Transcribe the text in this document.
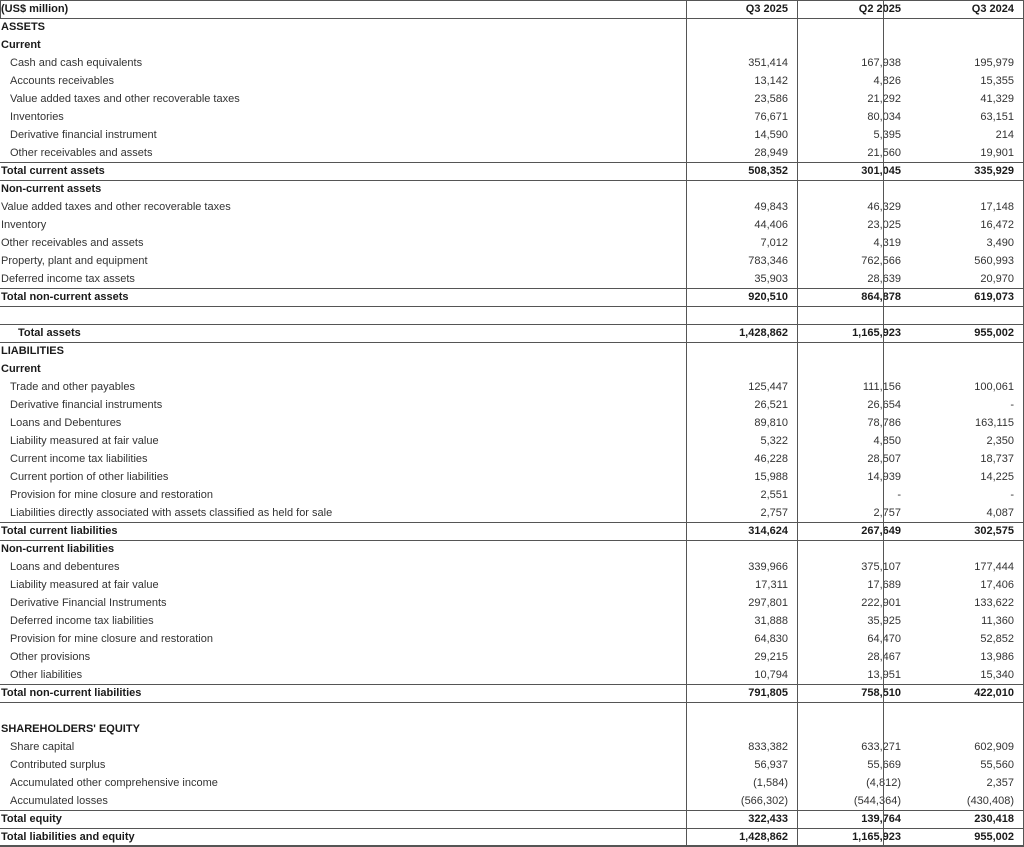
(US$ million)	Q3 2025	Q2 2025	Q3 2024
ASSETS
Current
Cash and cash equivalents	351,414	167,938	195,979
Accounts receivables	13,142	4,826	15,355
Value added taxes and other recoverable taxes	23,586	21,292	41,329
Inventories	76,671	80,034	63,151
Derivative financial instrument	14,590	5,395	214
Other receivables and assets	28,949	21,560	19,901
Total current assets	508,352	301,045	335,929
Non-current assets
Value added taxes and other recoverable taxes	49,843	46,329	17,148
Inventory	44,406	23,025	16,472
Other receivables and assets	7,012	4,319	3,490
Property, plant and equipment	783,346	762,566	560,993
Deferred income tax assets	35,903	28,639	20,970
Total non-current assets	920,510	864,878	619,073
Total assets	1,428,862	1,165,923	955,002
LIABILITIES
Current
Trade and other payables	125,447	111,156	100,061
Derivative financial instruments	26,521	26,654	-
Loans and Debentures	89,810	78,786	163,115
Liability measured at fair value	5,322	4,850	2,350
Current income tax liabilities	46,228	28,507	18,737
Current portion of other liabilities	15,988	14,939	14,225
Provision for mine closure and restoration	2,551	-	-
Liabilities directly associated with assets classified as held for sale	2,757	2,757	4,087
Total current liabilities	314,624	267,649	302,575
Non-current liabilities
Loans and debentures	339,966	375,107	177,444
Liability measured at fair value	17,311	17,689	17,406
Derivative Financial Instruments	297,801	222,901	133,622
Deferred income tax liabilities	31,888	35,925	11,360
Provision for mine closure and restoration	64,830	64,470	52,852
Other provisions	29,215	28,467	13,986
Other liabilities	10,794	13,951	15,340
Total non-current liabilities	791,805	758,510	422,010
SHAREHOLDERS' EQUITY
Share capital	833,382	633,271	602,909
Contributed surplus	56,937	55,669	55,560
Accumulated other comprehensive income	(1,584)	(4,812)	2,357
Accumulated losses	(566,302)	(544,364)	(430,408)
Total equity	322,433	139,764	230,418
Total liabilities and equity	1,428,862	1,165,923	955,002
